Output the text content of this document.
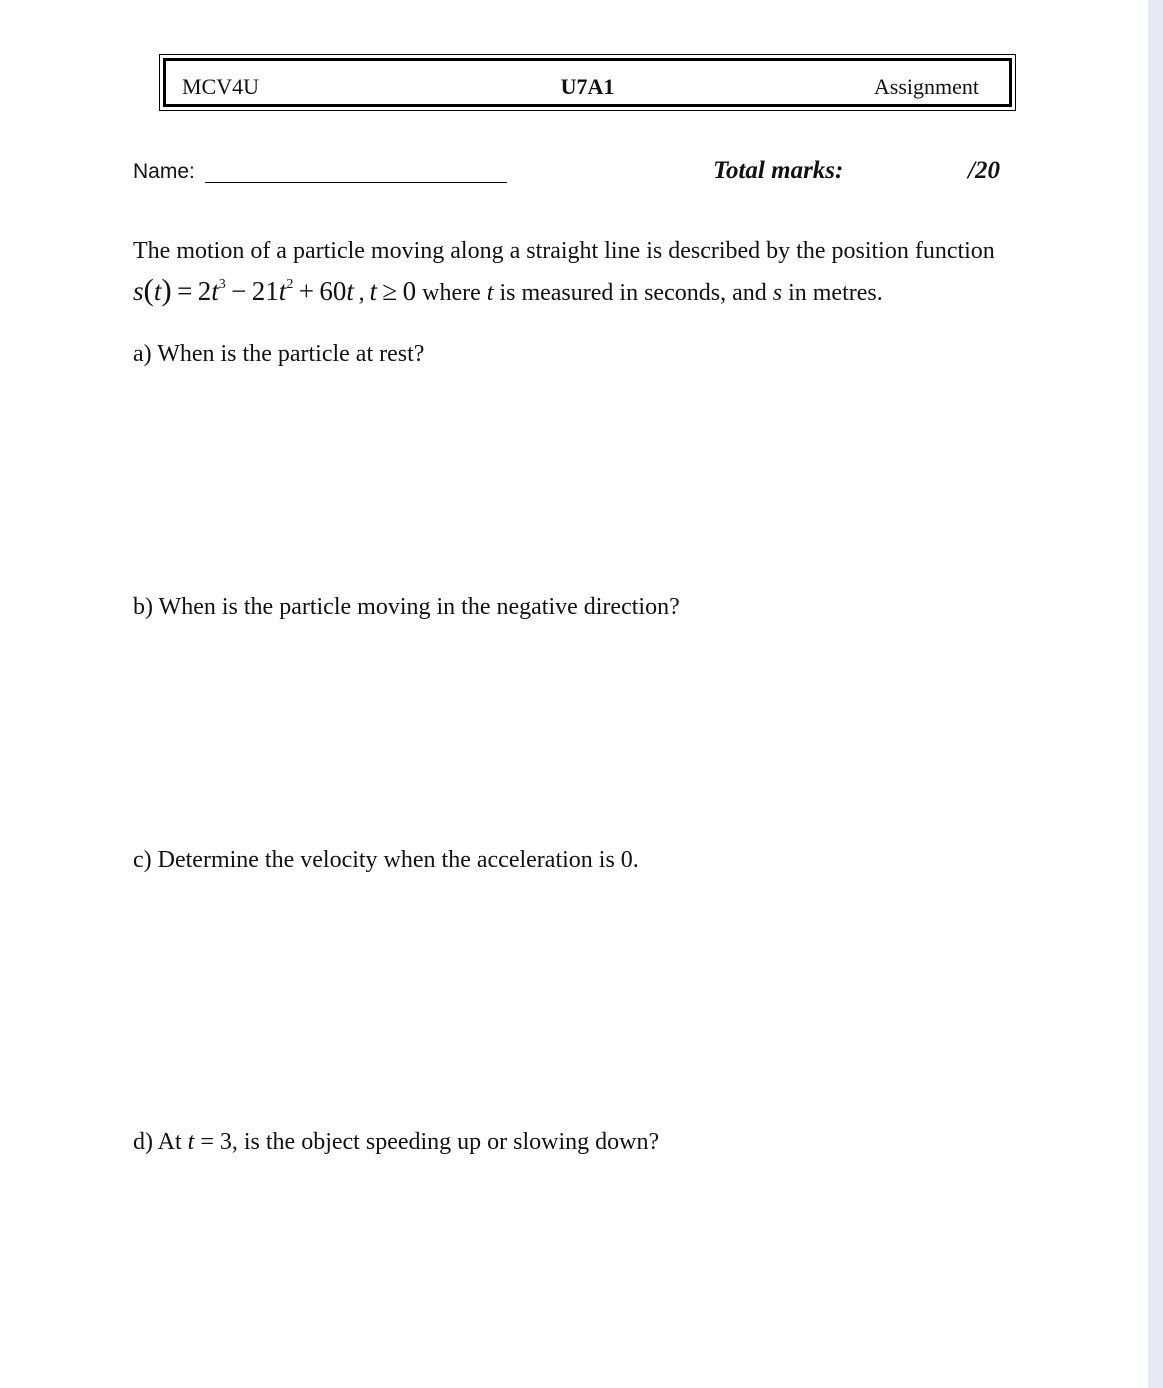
MCV4U	U7A1	Assignment
Name:	Total marks:	/20
The motion of a particle moving along a straight line is described by the position function
$s(t) = 2t^3 - 21t^2 + 60t$ , t ≥ 0 where t is measured in seconds, and s in metres.
a) When is the particle at rest?
b) When is the particle moving in the negative direction?
c) Determine the velocity when the acceleration is 0.
d) At t = 3, is the object speeding up or slowing down?
